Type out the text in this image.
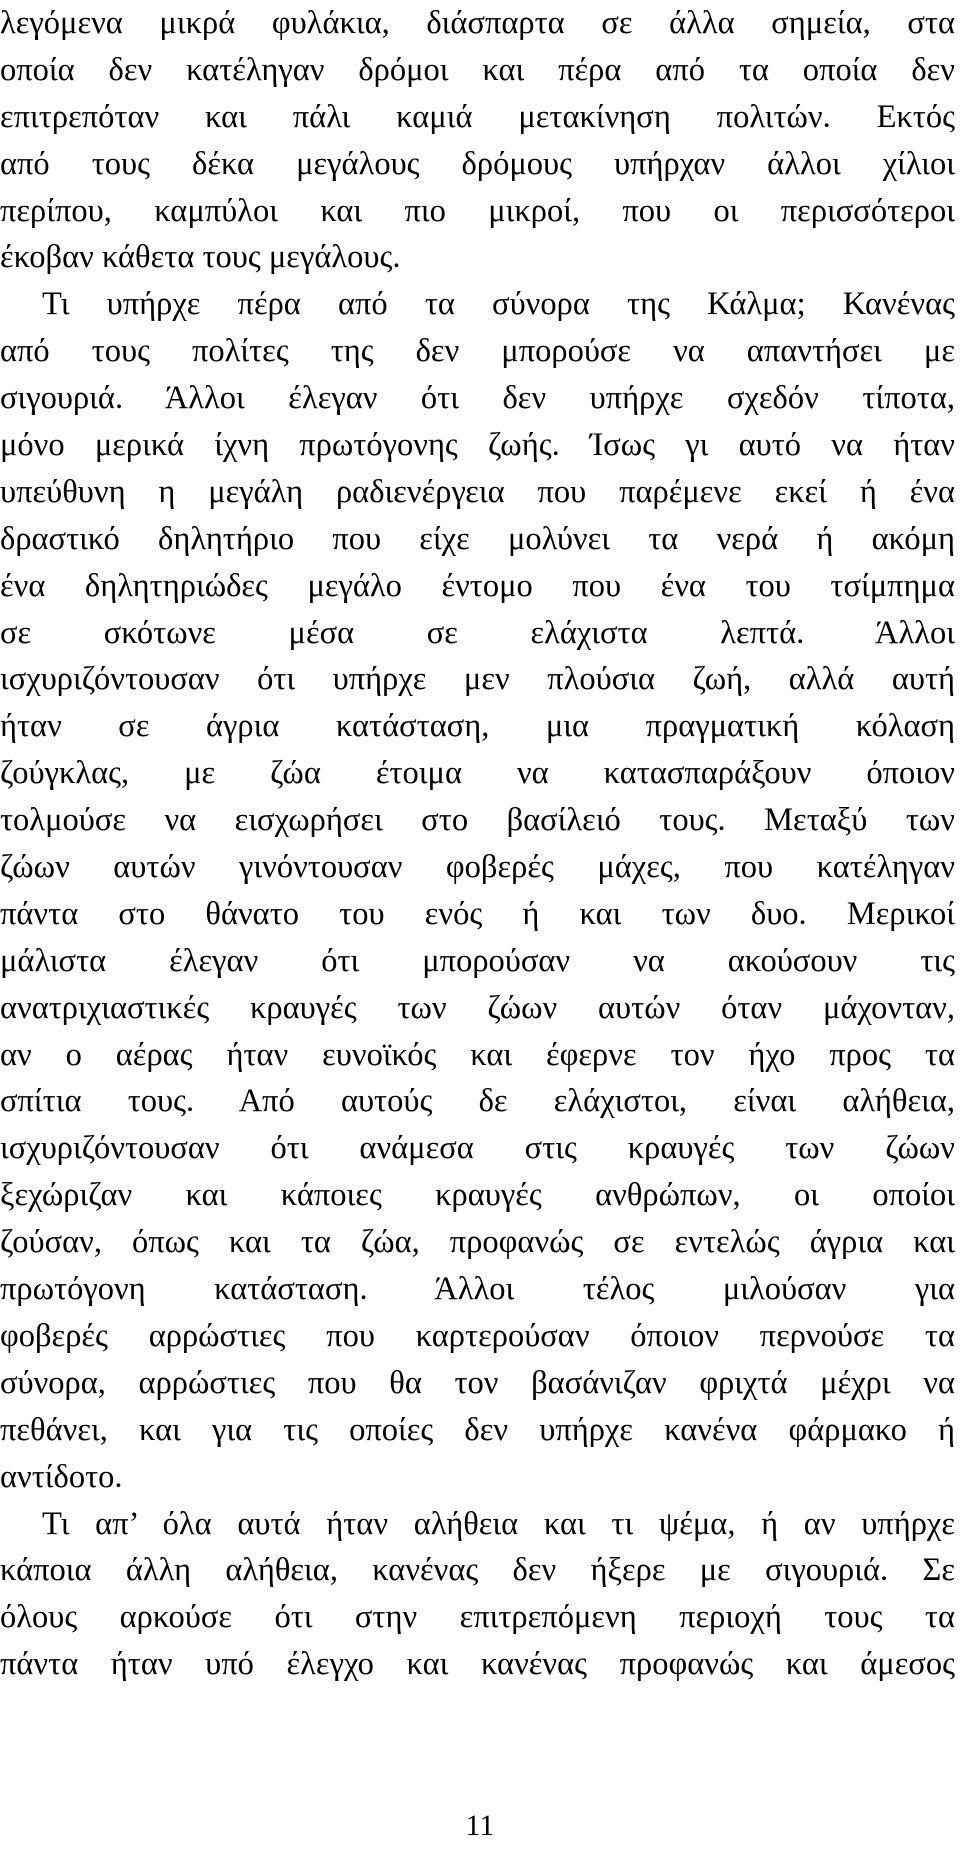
λεγόμενα μικρά φυλάκια, διάσπαρτα σε άλλα σημεία, στα
οποία δεν κατέληγαν δρόμοι και πέρα από τα οποία δεν
επιτρεπόταν και πάλι καμιά μετακίνηση πολιτών. Εκτός
από τους δέκα μεγάλους δρόμους υπήρχαν άλλοι χίλιοι
περίπου, καμπύλοι και πιο μικροί, που οι περισσότεροι
έκοβαν κάθετα τους μεγάλους.
Τι υπήρχε πέρα από τα σύνορα της Κάλμα; Κανένας
από τους πολίτες της δεν μπορούσε να απαντήσει με
σιγουριά. Άλλοι έλεγαν ότι δεν υπήρχε σχεδόν τίποτα,
μόνο μερικά ίχνη πρωτόγονης ζωής. Ίσως γι αυτό να ήταν
υπεύθυνη η μεγάλη ραδιενέργεια που παρέμενε εκεί ή ένα
δραστικό δηλητήριο που είχε μολύνει τα νερά ή ακόμη
ένα δηλητηριώδες μεγάλο έντομο που ένα του τσίμπημα
σε σκότωνε μέσα σε ελάχιστα λεπτά. Άλλοι
ισχυριζόντουσαν ότι υπήρχε μεν πλούσια ζωή, αλλά αυτή
ήταν σε άγρια κατάσταση, μια πραγματική κόλαση
ζούγκλας, με ζώα έτοιμα να κατασπαράξουν όποιον
τολμούσε να εισχωρήσει στο βασίλειό τους. Μεταξύ των
ζώων αυτών γινόντουσαν φοβερές μάχες, που κατέληγαν
πάντα στο θάνατο του ενός ή και των δυο. Μερικοί
μάλιστα έλεγαν ότι μπορούσαν να ακούσουν τις
ανατριχιαστικές κραυγές των ζώων αυτών όταν μάχονταν,
αν ο αέρας ήταν ευνοϊκός και έφερνε τον ήχο προς τα
σπίτια τους. Από αυτούς δε ελάχιστοι, είναι αλήθεια,
ισχυριζόντουσαν ότι ανάμεσα στις κραυγές των ζώων
ξεχώριζαν και κάποιες κραυγές ανθρώπων, οι οποίοι
ζούσαν, όπως και τα ζώα, προφανώς σε εντελώς άγρια και
πρωτόγονη κατάσταση. Άλλοι τέλος μιλούσαν για
φοβερές αρρώστιες που καρτερούσαν όποιον περνούσε τα
σύνορα, αρρώστιες που θα τον βασάνιζαν φριχτά μέχρι να
πεθάνει, και για τις οποίες δεν υπήρχε κανένα φάρμακο ή
αντίδοτο.
Τι απ’ όλα αυτά ήταν αλήθεια και τι ψέμα, ή αν υπήρχε
κάποια άλλη αλήθεια, κανένας δεν ήξερε με σιγουριά. Σε
όλους αρκούσε ότι στην επιτρεπόμενη περιοχή τους τα
πάντα ήταν υπό έλεγχο και κανένας προφανώς και άμεσος
11
